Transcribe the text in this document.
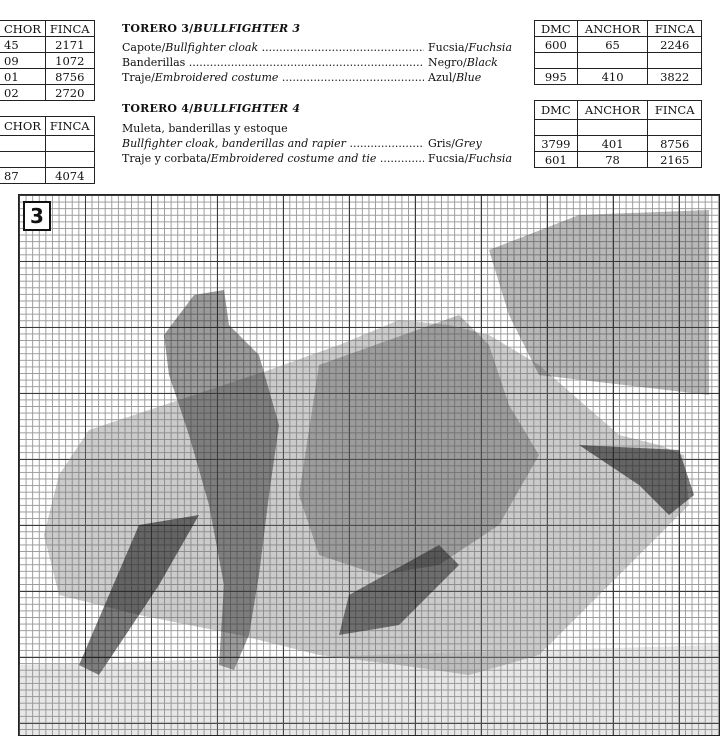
CHOR	FINCA
45	2171
09	1072
01	8756
02	2720
CHOR	FINCA

87	4074
TORERO 3/BULLFIGHTER 3
Capote/Bullfighter cloak .....	Fucsia/Fuchsia
Banderillas .....	Negro/Black
Traje/Embroidered costume .....	Azul/Blue
DMC	ANCHOR	FINCA
600	65	2246

995	410	3822
TORERO 4/BULLFIGHTER 4
Muleta, banderillas y estoque
Bullfighter cloak, banderillas and rapier .....	Gris/Grey
Traje y corbata/Embroidered costume and tie .....	Fucsia/Fuchsia
DMC	ANCHOR	FINCA

3799	401	8756
601	78	2165
3
